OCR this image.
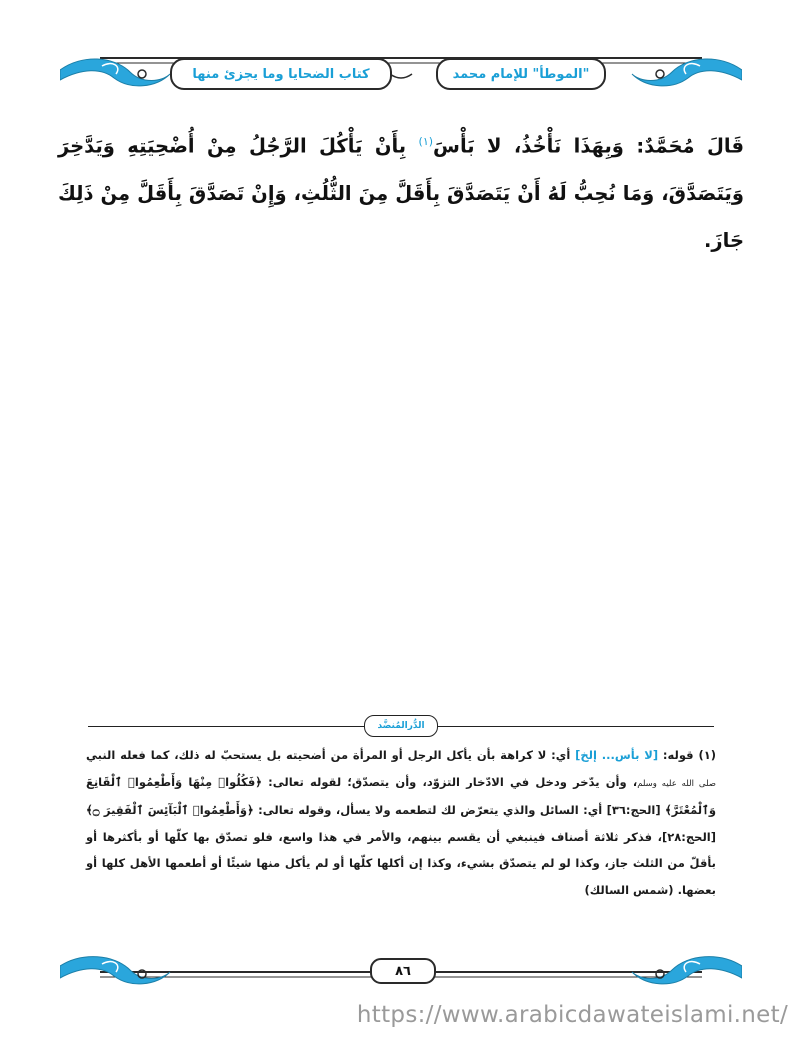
"الموطأ" للإمام محمد
كتاب الضحايا وما يجزئ منها
قَالَ مُحَمَّدٌ: وَبِهَذَا نَأْخُذُ، لا بَأْسَ$^{(١)}$ بِأَنْ يَأْكُلَ الرَّجُلُ مِنْ أُضْحِيَتِهِ وَيَدَّخِرَ وَيَتَصَدَّقَ، وَمَا نُحِبُّ لَهُ أَنْ يَتَصَدَّقَ بِأَقَلَّ مِنَ الثُّلُثِ، وَإِنْ تَصَدَّقَ بِأَقَلَّ مِنْ ذَلِكَ جَازَ.
الدُّرالمُنضَّد
(١) قوله: [لا بأس... إلخ] أي: لا كراهة بأن يأكل الرجل أو المرأة من أضحيته بل يستحبّ له ذلك، كما فعله النبي صلى الله عليه وسلم، وأن يدّخر ودخل في الادّخار التزوّد، وأن يتصدّق؛ لقوله تعالى: ﴿فَكُلُوا۟ مِنْهَا وَأَطْعِمُوا۟ ٱلْقَانِعَ وَٱلْمُعْتَرَّ﴾ [الحج:٣٦] أي: السائل والذي يتعرّض لك لتطعمه ولا يسأل، وقوله تعالى: ﴿وَأَطْعِمُوا۟ ٱلْبَآئِسَ ٱلْفَقِيرَ ۝﴾ [الحج:٢٨]، فذكر ثلاثة أصناف فينبغي أن يقسم بينهم، والأمر في هذا واسع، فلو تصدّق بها كلّها أو بأكثرها أو بأقلّ من الثلث جاز، وكذا لو لم يتصدّق بشيء، وكذا إن أكلها كلّها أو لم يأكل منها شيئًا أو أطعمها الأهل كلها أو بعضها. (شمس السالك)
٨٦
https://www.arabicdawateislami.net/
